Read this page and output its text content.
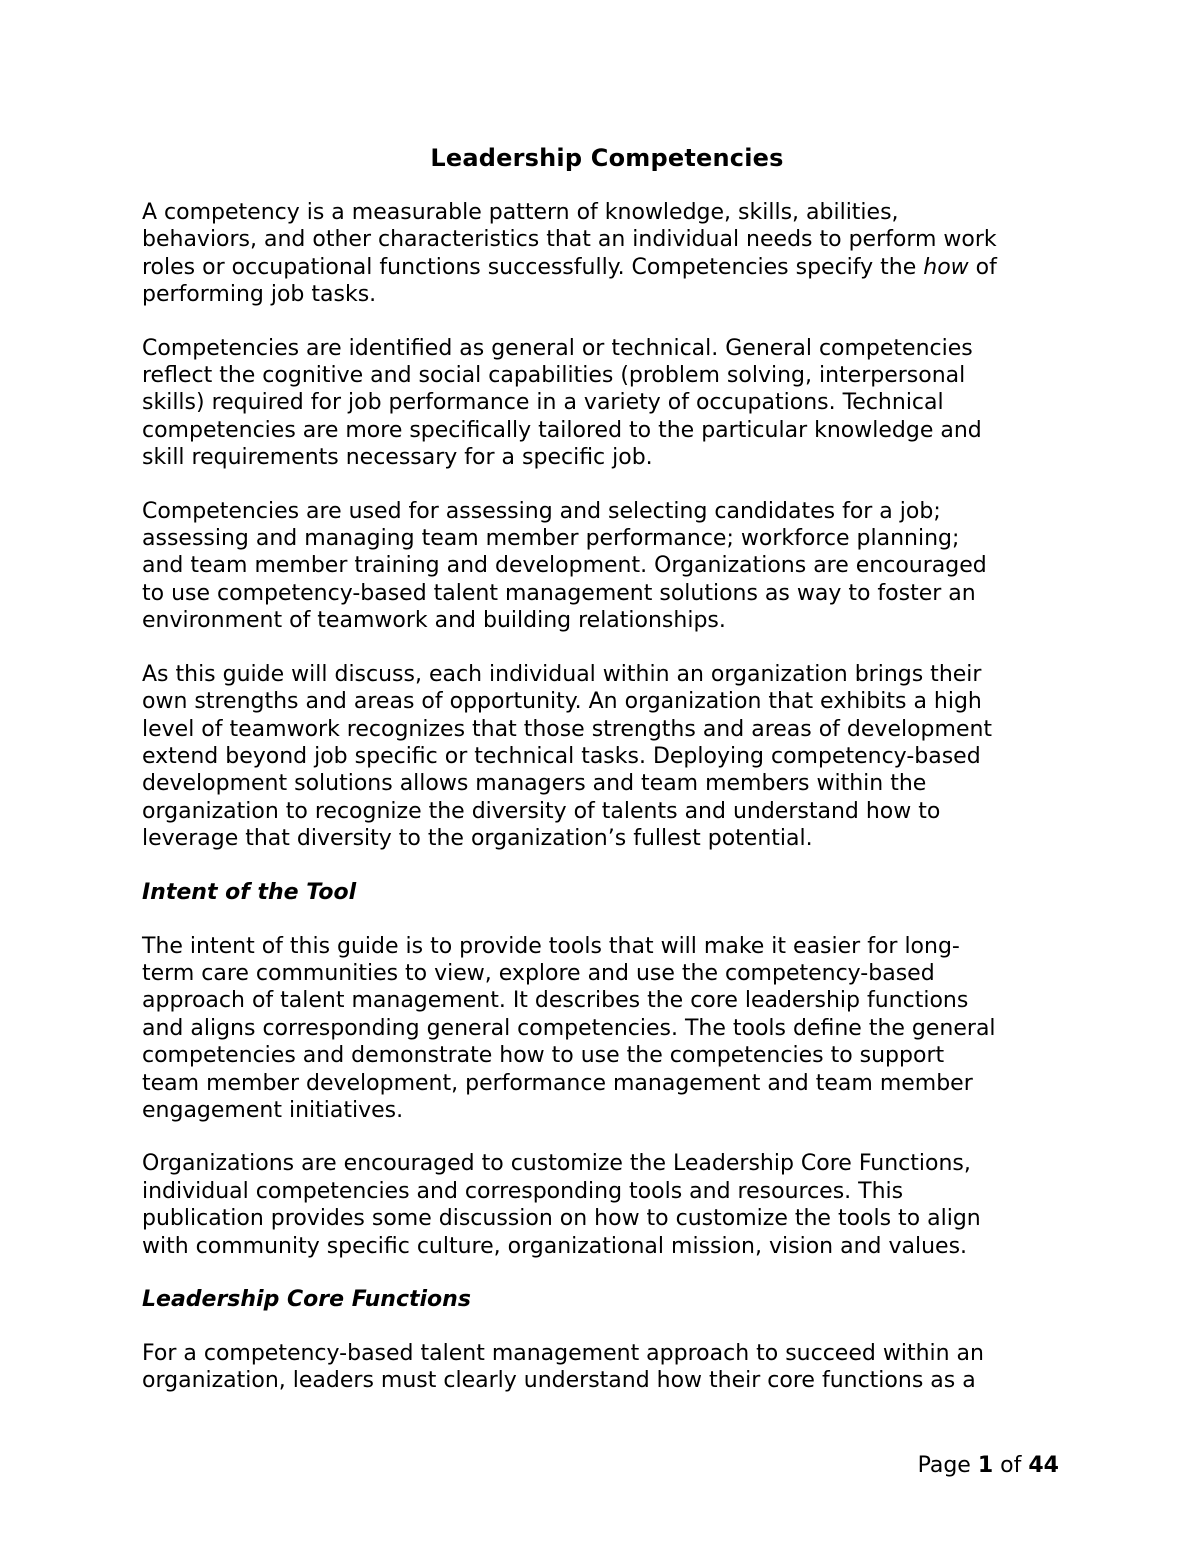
Leadership Competencies

A competency is a measurable pattern of knowledge, skills, abilities,
behaviors, and other characteristics that an individual needs to perform work
roles or occupational functions successfully. Competencies specify the how of
performing job tasks.

Competencies are identified as general or technical. General competencies
reflect the cognitive and social capabilities (problem solving, interpersonal
skills) required for job performance in a variety of occupations. Technical
competencies are more specifically tailored to the particular knowledge and
skill requirements necessary for a specific job.

Competencies are used for assessing and selecting candidates for a job;
assessing and managing team member performance; workforce planning;
and team member training and development. Organizations are encouraged
to use competency-based talent management solutions as way to foster an
environment of teamwork and building relationships.

As this guide will discuss, each individual within an organization brings their
own strengths and areas of opportunity. An organization that exhibits a high
level of teamwork recognizes that those strengths and areas of development
extend beyond job specific or technical tasks. Deploying competency-based
development solutions allows managers and team members within the
organization to recognize the diversity of talents and understand how to
leverage that diversity to the organization’s fullest potential.

Intent of the Tool

The intent of this guide is to provide tools that will make it easier for long-
term care communities to view, explore and use the competency-based
approach of talent management. It describes the core leadership functions
and aligns corresponding general competencies. The tools define the general
competencies and demonstrate how to use the competencies to support
team member development, performance management and team member
engagement initiatives.

Organizations are encouraged to customize the Leadership Core Functions,
individual competencies and corresponding tools and resources. This
publication provides some discussion on how to customize the tools to align
with community specific culture, organizational mission, vision and values.

Leadership Core Functions

For a competency-based talent management approach to succeed within an
organization, leaders must clearly understand how their core functions as a

Page 1 of 44
